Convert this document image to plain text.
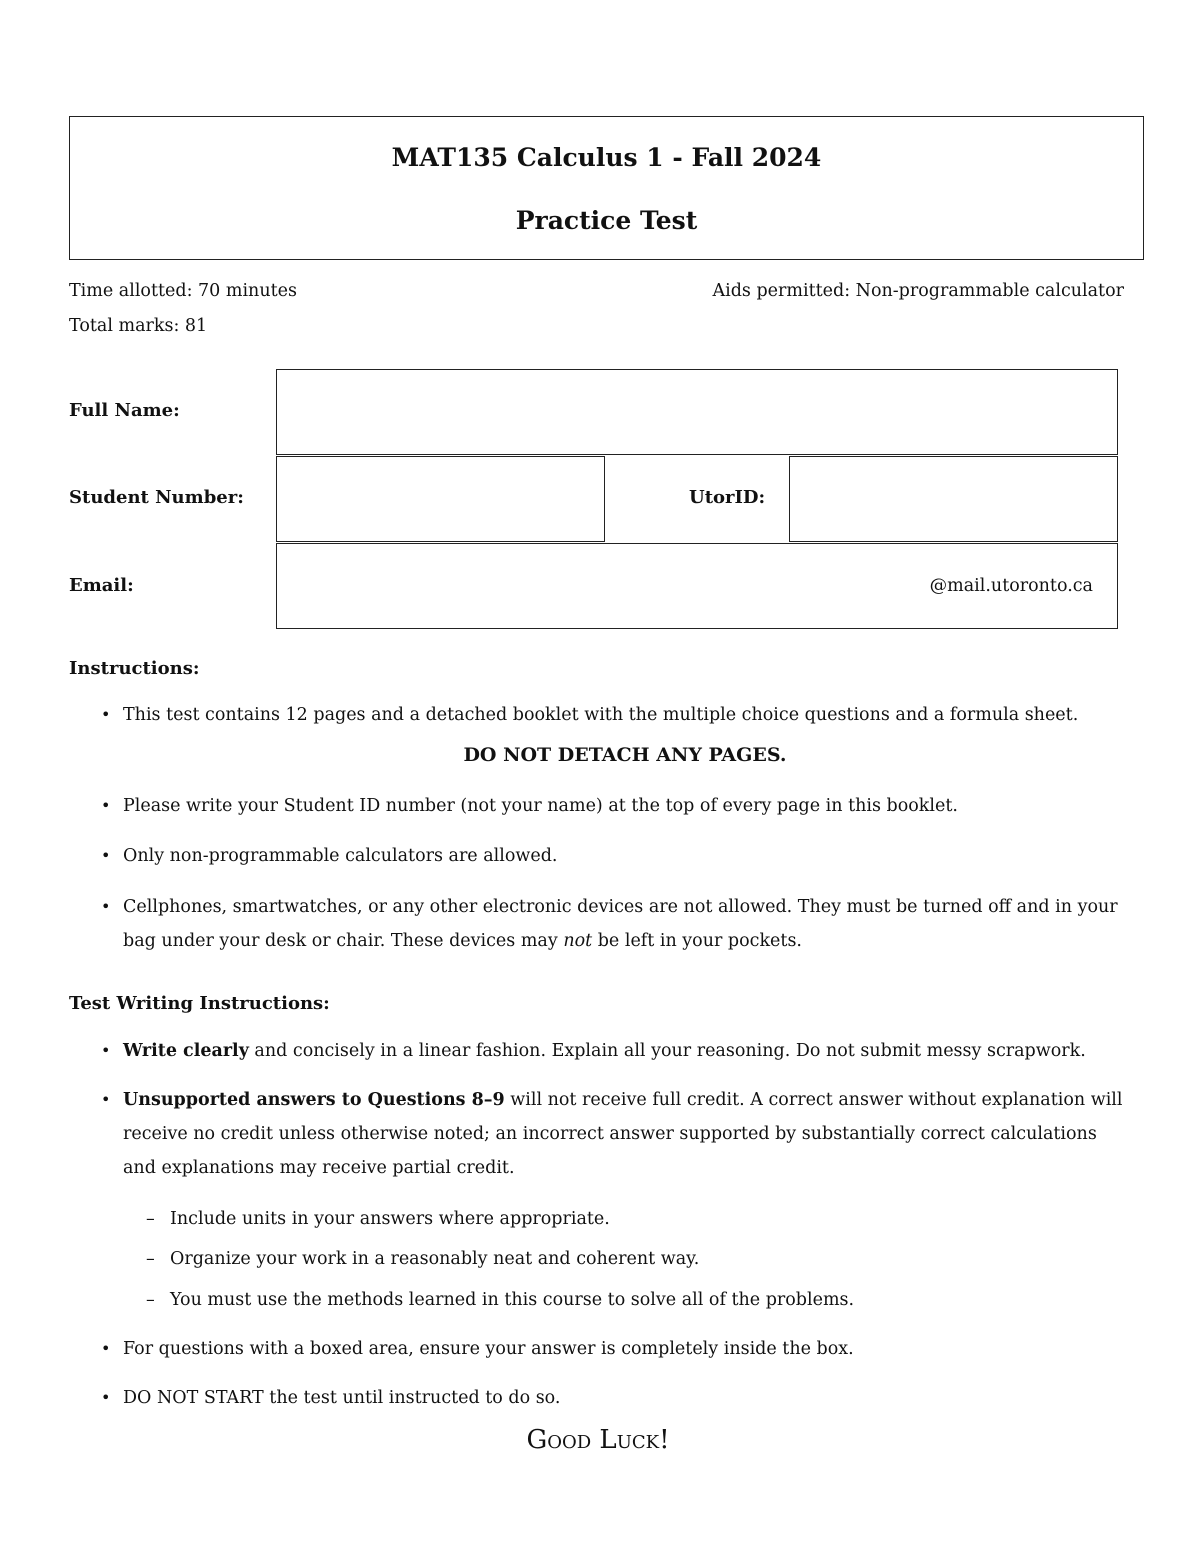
MAT135 Calculus 1 - Fall 2024
Practice Test
Time allotted: 70 minutes	Aids permitted: Non-programmable calculator
Total marks: 81
Full Name:
Student Number:	UtorID:
Email:	@mail.utoronto.ca
Instructions:
• This test contains 12 pages and a detached booklet with the multiple choice questions and a formula sheet.
DO NOT DETACH ANY PAGES.
• Please write your Student ID number (not your name) at the top of every page in this booklet.
• Only non-programmable calculators are allowed.
• Cellphones, smartwatches, or any other electronic devices are not allowed. They must be turned off and in your bag under your desk or chair. These devices may not be left in your pockets.
Test Writing Instructions:
• Write clearly and concisely in a linear fashion. Explain all your reasoning. Do not submit messy scrapwork.
• Unsupported answers to Questions 8–9 will not receive full credit. A correct answer without explanation will receive no credit unless otherwise noted; an incorrect answer supported by substantially correct calculations and explanations may receive partial credit.
– Include units in your answers where appropriate.
– Organize your work in a reasonably neat and coherent way.
– You must use the methods learned in this course to solve all of the problems.
• For questions with a boxed area, ensure your answer is completely inside the box.
• DO NOT START the test until instructed to do so.
Good Luck!
